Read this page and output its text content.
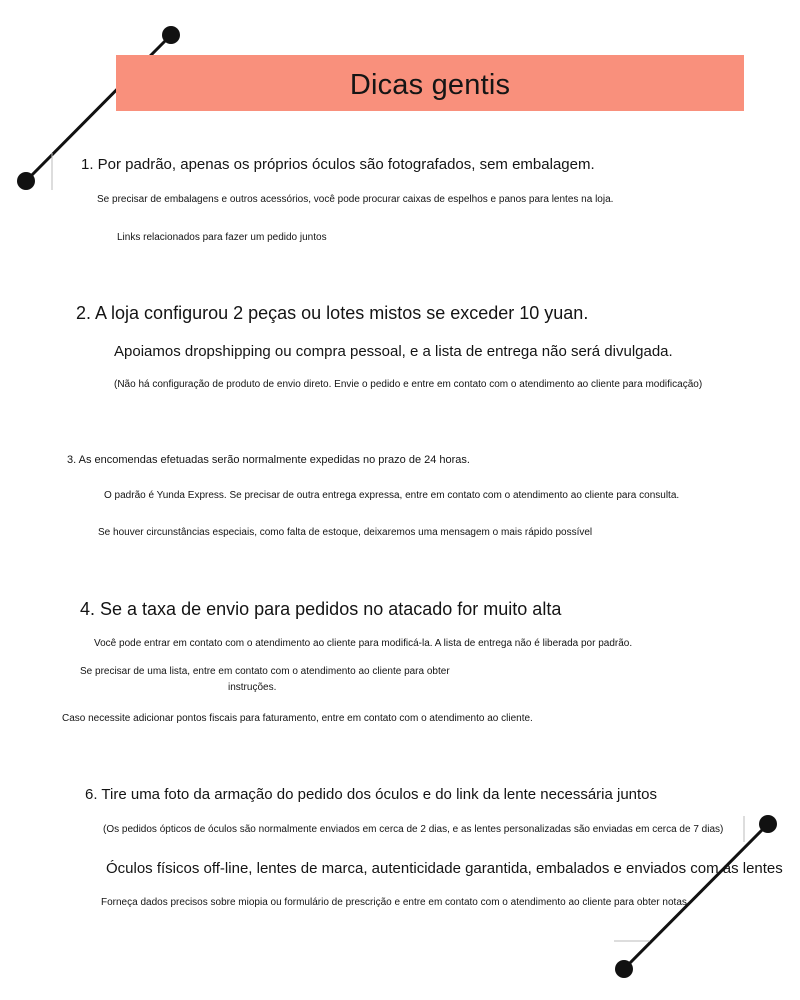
Dicas gentis
1. Por padrão, apenas os próprios óculos são fotografados, sem embalagem.
Se precisar de embalagens e outros acessórios, você pode procurar caixas de espelhos e panos para lentes na loja.
Links relacionados para fazer um pedido juntos
2. A loja configurou 2 peças ou lotes mistos se exceder 10 yuan.
Apoiamos dropshipping ou compra pessoal, e a lista de entrega não será divulgada.
(Não há configuração de produto de envio direto. Envie o pedido e entre em contato com o atendimento ao cliente para modificação)
3. As encomendas efetuadas serão normalmente expedidas no prazo de 24 horas.
O padrão é Yunda Express. Se precisar de outra entrega expressa, entre em contato com o atendimento ao cliente para consulta.
Se houver circunstâncias especiais, como falta de estoque, deixaremos uma mensagem o mais rápido possível
4. Se a taxa de envio para pedidos no atacado for muito alta
Você pode entrar em contato com o atendimento ao cliente para modificá-la. A lista de entrega não é liberada por padrão.
Se precisar de uma lista, entre em contato com o atendimento ao cliente para obter
instruções.
Caso necessite adicionar pontos fiscais para faturamento, entre em contato com o atendimento ao cliente.
6. Tire uma foto da armação do pedido dos óculos e do link da lente necessária juntos
(Os pedidos ópticos de óculos são normalmente enviados em cerca de 2 dias, e as lentes personalizadas são enviadas em cerca de 7 dias)
Óculos físicos off-line, lentes de marca, autenticidade garantida, embalados e enviados com as lentes
Forneça dados precisos sobre miopia ou formulário de prescrição e entre em contato com o atendimento ao cliente para obter notas.
